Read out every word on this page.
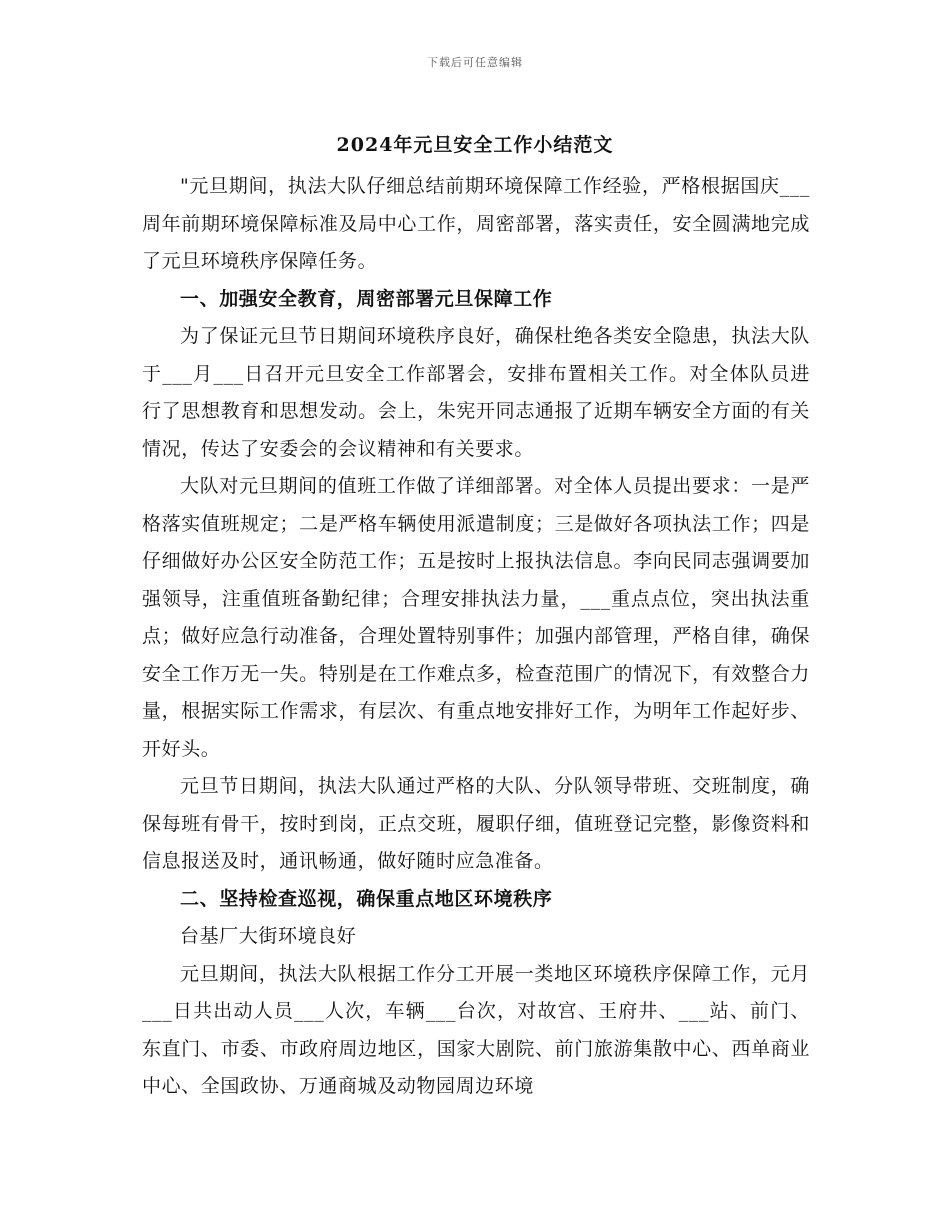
下载后可任意编辑
2024年元旦安全工作小结范文

"元旦期间，执法大队仔细总结前期环境保障工作经验，严格根据国庆___周年前期环境保障标准及局中心工作，周密部署，落实责任，安全圆满地完成了元旦环境秩序保障任务。

一、加强安全教育，周密部署元旦保障工作

为了保证元旦节日期间环境秩序良好，确保杜绝各类安全隐患，执法大队于___月___日召开元旦安全工作部署会，安排布置相关工作。对全体队员进行了思想教育和思想发动。会上，朱宪开同志通报了近期车辆安全方面的有关情况，传达了安委会的会议精神和有关要求。

大队对元旦期间的值班工作做了详细部署。对全体人员提出要求：一是严格落实值班规定；二是严格车辆使用派遣制度；三是做好各项执法工作；四是仔细做好办公区安全防范工作；五是按时上报执法信息。李向民同志强调要加强领导，注重值班备勤纪律；合理安排执法力量，___重点点位，突出执法重点；做好应急行动准备，合理处置特别事件；加强内部管理，严格自律，确保安全工作万无一失。特别是在工作难点多，检查范围广的情况下，有效整合力量，根据实际工作需求，有层次、有重点地安排好工作，为明年工作起好步、开好头。

元旦节日期间，执法大队通过严格的大队、分队领导带班、交班制度，确保每班有骨干，按时到岗，正点交班，履职仔细，值班登记完整，影像资料和信息报送及时，通讯畅通，做好随时应急准备。

二、坚持检查巡视，确保重点地区环境秩序

台基厂大街环境良好

元旦期间，执法大队根据工作分工开展一类地区环境秩序保障工作，元月___日共出动人员___人次，车辆___台次，对故宫、王府井、___站、前门、东直门、市委、市政府周边地区，国家大剧院、前门旅游集散中心、西单商业中心、全国政协、万通商城及动物园周边环境
